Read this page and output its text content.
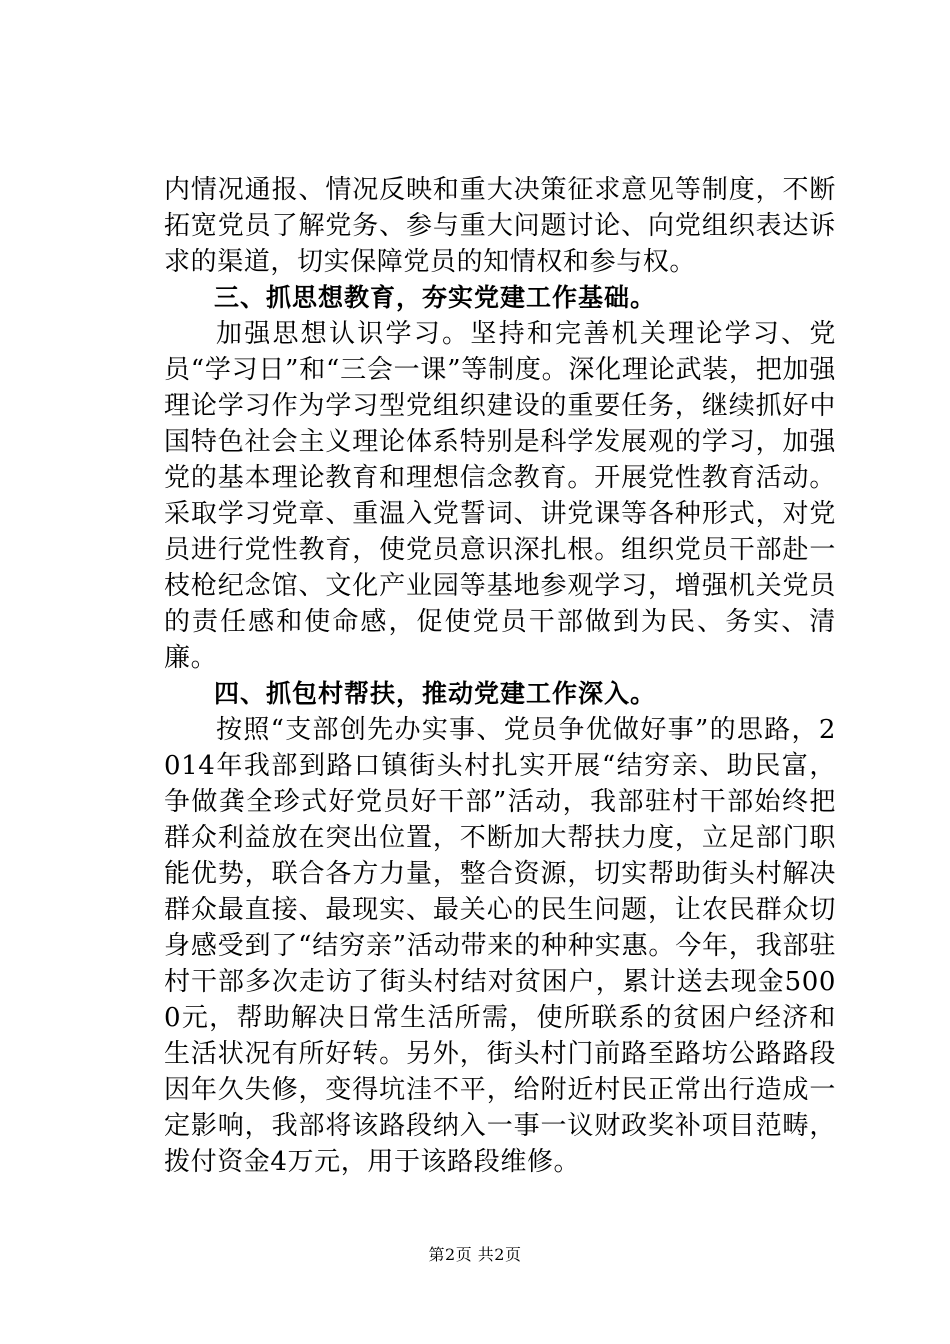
内情况通报、情况反映和重大决策征求意见等制度，不断拓宽党员了解党务、参与重大问题讨论、向党组织表达诉求的渠道，切实保障党员的知情权和参与权。

三、抓思想教育，夯实党建工作基础。

加强思想认识学习。坚持和完善机关理论学习、党员“学习日”和“三会一课”等制度。深化理论武装，把加强理论学习作为学习型党组织建设的重要任务，继续抓好中国特色社会主义理论体系特别是科学发展观的学习，加强党的基本理论教育和理想信念教育。开展党性教育活动。采取学习党章、重温入党誓词、讲党课等各种形式，对党员进行党性教育，使党员意识深扎根。组织党员干部赴一枝枪纪念馆、文化产业园等基地参观学习，增强机关党员的责任感和使命感，促使党员干部做到为民、务实、清廉。

四、抓包村帮扶，推动党建工作深入。

按照“支部创先办实事、党员争优做好事”的思路，2014年我部到路口镇街头村扎实开展“结穷亲、助民富，争做龚全珍式好党员好干部”活动，我部驻村干部始终把群众利益放在突出位置，不断加大帮扶力度，立足部门职能优势，联合各方力量，整合资源，切实帮助街头村解决群众最直接、最现实、最关心的民生问题，让农民群众切身感受到了“结穷亲”活动带来的种种实惠。今年，我部驻村干部多次走访了街头村结对贫困户，累计送去现金5000元，帮助解决日常生活所需，使所联系的贫困户经济和生活状况有所好转。另外，街头村门前路至路坊公路路段因年久失修，变得坑洼不平，给附近村民正常出行造成一定影响，我部将该路段纳入一事一议财政奖补项目范畴，拨付资金4万元，用于该路段维修。

第2页 共2页
